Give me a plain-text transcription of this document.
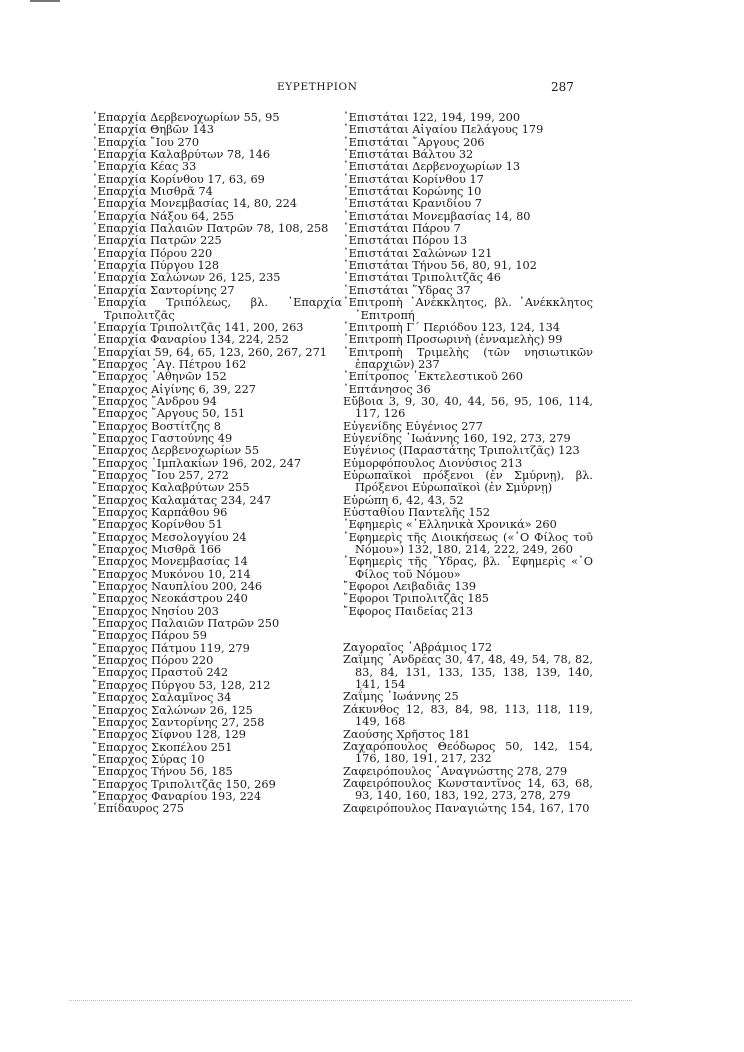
ΕΥΡΕΤΗΡΙΟΝ	287
᾽Επαρχία Δερβενοχωρίων 55, 95
᾽Επαρχία Θηβῶν 143
᾽Επαρχία ῎Ιου 270
᾽Επαρχία Καλαβρύτων 78, 146
᾽Επαρχία Κέας 33
᾽Επαρχία Κορίνθου 17, 63, 69
᾽Επαρχία Μισθρᾶ 74
᾽Επαρχία Μονεμβασίας 14, 80, 224
᾽Επαρχία Νάξου 64, 255
᾽Επαρχία Παλαιῶν Πατρῶν 78, 108, 258
᾽Επαρχία Πατρῶν 225
᾽Επαρχία Πόρου 220
᾽Επαρχία Πύργου 128
᾽Επαρχία Σαλώνων 26, 125, 235
᾽Επαρχία Σαντορίνης 27
᾽Επαρχία Τριπόλεως, βλ. ᾽Επαρχία Τριπολιτζᾶς
᾽Επαρχία Τριπολιτζᾶς 141, 200, 263
᾽Επαρχία Φαναρίου 134, 224, 252
᾽Επαρχίαι 59, 64, 65, 123, 260, 267, 271
῎Επαρχος ᾽Αγ. Πέτρου 162
῎Επαρχος ᾽Αθηνῶν 152
῎Επαρχος Αἰγίνης 6, 39, 227
῎Επαρχος ῎Ανδρου 94
῎Επαρχος ῎Αργους 50, 151
῎Επαρχος Βοστίτζης 8
῎Επαρχος Γαστούνης 49
῎Επαρχος Δερβενοχωρίων 55
῎Επαρχος ᾽Ιμπλακίων 196, 202, 247
῎Επαρχος ῎Ιου 257, 272
῎Επαρχος Καλαβρύτων 255
῎Επαρχος Καλαμάτας 234, 247
῎Επαρχος Καρπάθου 96
῎Επαρχος Κορίνθου 51
῎Επαρχος Μεσολογγίου 24
῎Επαρχος Μισθρᾶ 166
῎Επαρχος Μονεμβασίας 14
῎Επαρχος Μυκόνου 10, 214
῎Επαρχος Ναυπλίου 200, 246
῎Επαρχος Νεοκάστρου 240
῎Επαρχος Νησίου 203
῎Επαρχος Παλαιῶν Πατρῶν 250
῎Επαρχος Πάρου 59
῎Επαρχος Πάτμου 119, 279
῎Επαρχος Πόρου 220
῎Επαρχος Πραστοῦ 242
῎Επαρχος Πύργου 53, 128, 212
῎Επαρχος Σαλαμῖνος 34
῎Επαρχος Σαλώνων 26, 125
῎Επαρχος Σαντορίνης 27, 258
῎Επαρχος Σίφνου 128, 129
῎Επαρχος Σκοπέλου 251
῎Επαρχος Σύρας 10
῎Επαρχος Τήνου 56, 185
῎Επαρχος Τριπολιτζᾶς 150, 269
῎Επαρχος Φαναρίου 193, 224
᾽Επίδαυρος 275
᾽Επιστάται 122, 194, 199, 200
᾽Επιστάται Αἰγαίου Πελάγους 179
᾽Επιστάται ῎Αργους 206
᾽Επιστάται Βάλτου 32
᾽Επιστάται Δερβενοχωρίων 13
᾽Επιστάται Κορίνθου 17
᾽Επιστάται Κορώνης 10
᾽Επιστάται Κρανιδίου 7
᾽Επιστάται Μονεμβασίας 14, 80
᾽Επιστάται Πάρου 7
᾽Επιστάται Πόρου 13
᾽Επιστάται Σαλώνων 121
᾽Επιστάται Τήνου 56, 80, 91, 102
᾽Επιστάται Τριπολιτζᾶς 46
᾽Επιστάται ῞Υδρας 37
᾽Επιτροπὴ ᾽Ανέκκλητος, βλ. ᾽Ανέκκλητος ᾽Επιτροπή
᾽Επιτροπὴ Γ´ Περιόδου 123, 124, 134
᾽Επιτροπὴ Προσωρινὴ (ἐνναμελὴς) 99
᾽Επιτροπὴ Τριμελὴς (τῶν νησιωτικῶν ἐπαρχιῶν) 237
᾽Επίτροπος ᾽Εκτελεστικοῦ 260
᾽Επτάνησος 36
Εὔβοια 3, 9, 30, 40, 44, 56, 95, 106, 114, 117, 126
Εὐγενίδης Εὐγένιος 277
Εὐγενίδης ᾽Ιωάννης 160, 192, 273, 279
Εὐγένιος (Παραστάτης Τριπολιτζᾶς) 123
Εὐμορφόπουλος Διονύσιος 213
Εὐρωπαϊκοὶ πρόξενοι (ἐν Σμύρνῃ), βλ. Πρόξενοι Εὐρωπαϊκοὶ (ἐν Σμύρνῃ)
Εὐρώπη 6, 42, 43, 52
Εὐσταθίου Παντελῆς 152
᾽Εφημερὶς «᾽Ελληνικὰ Χρονικά» 260
᾽Εφημερὶς τῆς Διοικήσεως («῾Ο Φίλος τοῦ Νόμου») 132, 180, 214, 222, 249, 260
᾽Εφημερὶς τῆς ῞Υδρας, βλ. ᾽Εφημερὶς «῾Ο Φίλος τοῦ Νόμου»
῎Εφοροι Λειβαδιᾶς 139
῎Εφοροι Τριπολιτζᾶς 185
῎Εφορος Παιδείας 213
Ζαγοραῖος ᾽Αβράμιος 172
Ζαΐμης ᾽Ανδρέας 30, 47, 48, 49, 54, 78, 82, 83, 84, 131, 133, 135, 138, 139, 140, 141, 154
Ζαΐμης ᾽Ιωάννης 25
Ζάκυνθος 12, 83, 84, 98, 113, 118, 119, 149, 168
Ζαούσης Χρῆστος 181
Ζαχαρόπουλος Θεόδωρος 50, 142, 154, 176, 180, 191, 217, 232
Ζαφειρόπουλος ᾽Αναγνώστης 278, 279
Ζαφειρόπουλος Κωνσταντῖνος 14, 63, 68, 93, 140, 160, 183, 192, 273, 278, 279
Ζαφειρόπουλος Παναγιώτης 154, 167, 170
